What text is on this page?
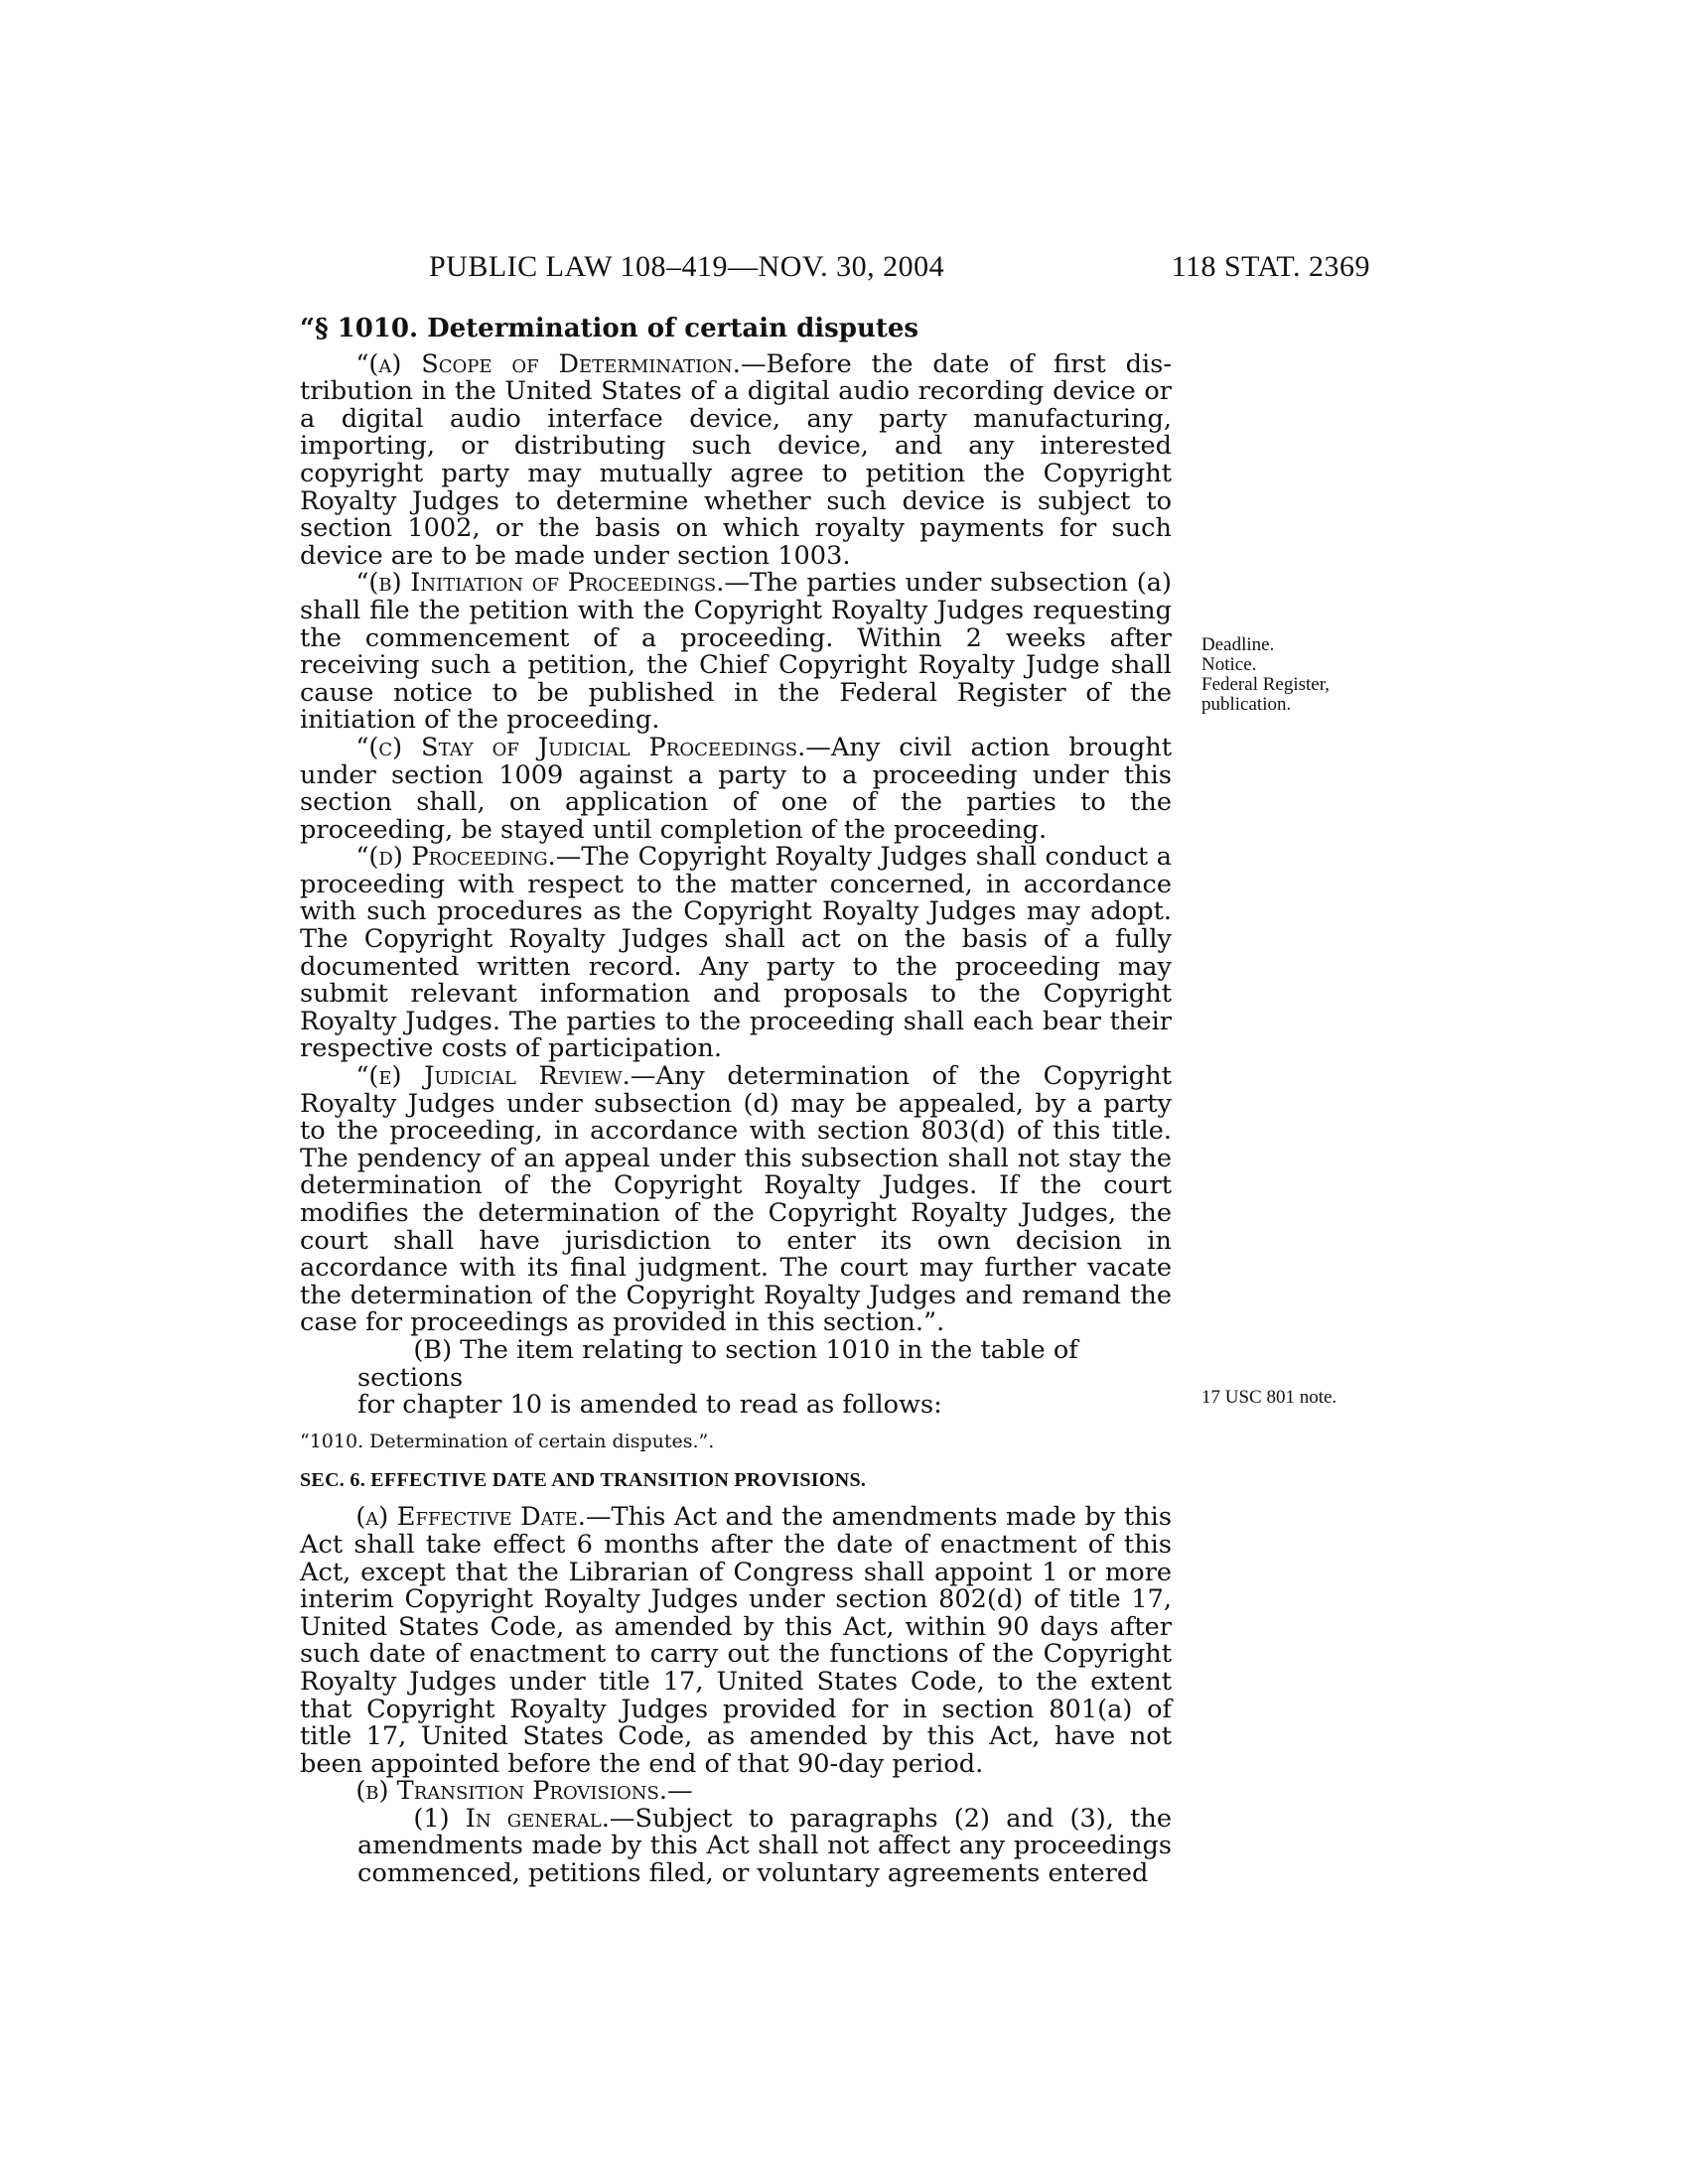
PUBLIC LAW 108–419—NOV. 30, 2004	118 STAT. 2369
“§ 1010. Determination of certain disputes

“(a) Scope of Determination.—Before the date of first distribution in the United States of a digital audio recording device or a digital audio interface device, any party manufacturing, importing, or distributing such device, and any interested copyright party may mutually agree to petition the Copyright Royalty Judges to determine whether such device is subject to section 1002, or the basis on which royalty payments for such device are to be made under section 1003.

“(b) Initiation of Proceedings.—The parties under subsection (a) shall file the petition with the Copyright Royalty Judges requesting the commencement of a proceeding. Within 2 weeks after receiving such a petition, the Chief Copyright Royalty Judge shall cause notice to be published in the Federal Register of the initiation of the proceeding.

“(c) Stay of Judicial Proceedings.—Any civil action brought under section 1009 against a party to a proceeding under this section shall, on application of one of the parties to the proceeding, be stayed until completion of the proceeding.

“(d) Proceeding.—The Copyright Royalty Judges shall conduct a proceeding with respect to the matter concerned, in accordance with such procedures as the Copyright Royalty Judges may adopt. The Copyright Royalty Judges shall act on the basis of a fully documented written record. Any party to the proceeding may submit relevant information and proposals to the Copyright Royalty Judges. The parties to the proceeding shall each bear their respective costs of participation.

“(e) Judicial Review.—Any determination of the Copyright Royalty Judges under subsection (d) may be appealed, by a party to the proceeding, in accordance with section 803(d) of this title. The pendency of an appeal under this subsection shall not stay the determination of the Copyright Royalty Judges. If the court modifies the determination of the Copyright Royalty Judges, the court shall have jurisdiction to enter its own decision in accordance with its final judgment. The court may further vacate the determination of the Copyright Royalty Judges and remand the case for proceedings as provided in this section.”.

(B) The item relating to section 1010 in the table of sections

for chapter 10 is amended to read as follows:

“1010. Determination of certain disputes.”.

SEC. 6. EFFECTIVE DATE AND TRANSITION PROVISIONS.

(a) Effective Date.—This Act and the amendments made by this Act shall take effect 6 months after the date of enactment of this Act, except that the Librarian of Congress shall appoint 1 or more interim Copyright Royalty Judges under section 802(d) of title 17, United States Code, as amended by this Act, within 90 days after such date of enactment to carry out the functions of the Copyright Royalty Judges under title 17, United States Code, to the extent that Copyright Royalty Judges provided for in section 801(a) of title 17, United States Code, as amended by this Act, have not been appointed before the end of that 90-day period.

(b) Transition Provisions.—

(1) In general.—Subject to paragraphs (2) and (3), the amendments made by this Act shall not affect any proceedings commenced, petitions filed, or voluntary agreements entered

Deadline.
Notice.
Federal Register, publication.
17 USC 801 note.
